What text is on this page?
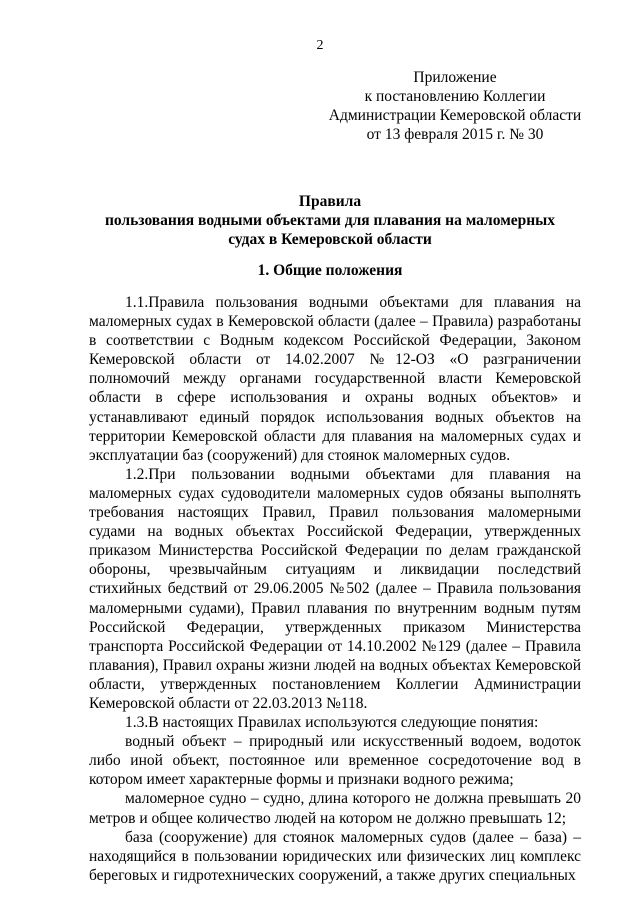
2
Приложение
к постановлению Коллегии
Администрации Кемеровской области
от 13 февраля 2015 г. № 30
Правила
пользования водными объектами для плавания на маломерных
судах в Кемеровской области
1. Общие положения

1.1.Правила пользования водными объектами для плавания на маломерных судах в Кемеровской области (далее – Правила) разработаны в соответствии с Водным кодексом Российской Федерации, Законом Кемеровской области от 14.02.2007 №12-ОЗ «О разграничении полномочий между органами государственной власти Кемеровской области в сфере использования и охраны водных объектов» и устанавливают единый порядок использования водных объектов на территории Кемеровской области для плавания на маломерных судах и эксплуатации баз (сооружений) для стоянок маломерных судов.

1.2.При пользовании водными объектами для плавания на маломерных судах судоводители маломерных судов обязаны выполнять требования настоящих Правил, Правил пользования маломерными судами на водных объектах Российской Федерации, утвержденных приказом Министерства Российской Федерации по делам гражданской обороны, чрезвычайным ситуациям и ликвидации последствий стихийных бедствий от 29.06.2005 №502 (далее – Правила пользования маломерными судами), Правил плавания по внутренним водным путям Российской Федерации, утвержденных приказом Министерства транспорта Российской Федерации от 14.10.2002 №129 (далее – Правила плавания), Правил охраны жизни людей на водных объектах Кемеровской области, утвержденных постановлением Коллегии Администрации Кемеровской области от 22.03.2013 №118.

1.3.В настоящих Правилах используются следующие понятия:

водный объект – природный или искусственный водоем, водоток либо иной объект, постоянное или временное сосредоточение вод в котором имеет характерные формы и признаки водного режима;

маломерное судно – судно, длина которого не должна превышать 20 метров и общее количество людей на котором не должно превышать 12;

база (сооружение) для стоянок маломерных судов (далее – база) – находящийся в пользовании юридических или физических лиц комплекс береговых и гидротехнических сооружений, а также других специальных
